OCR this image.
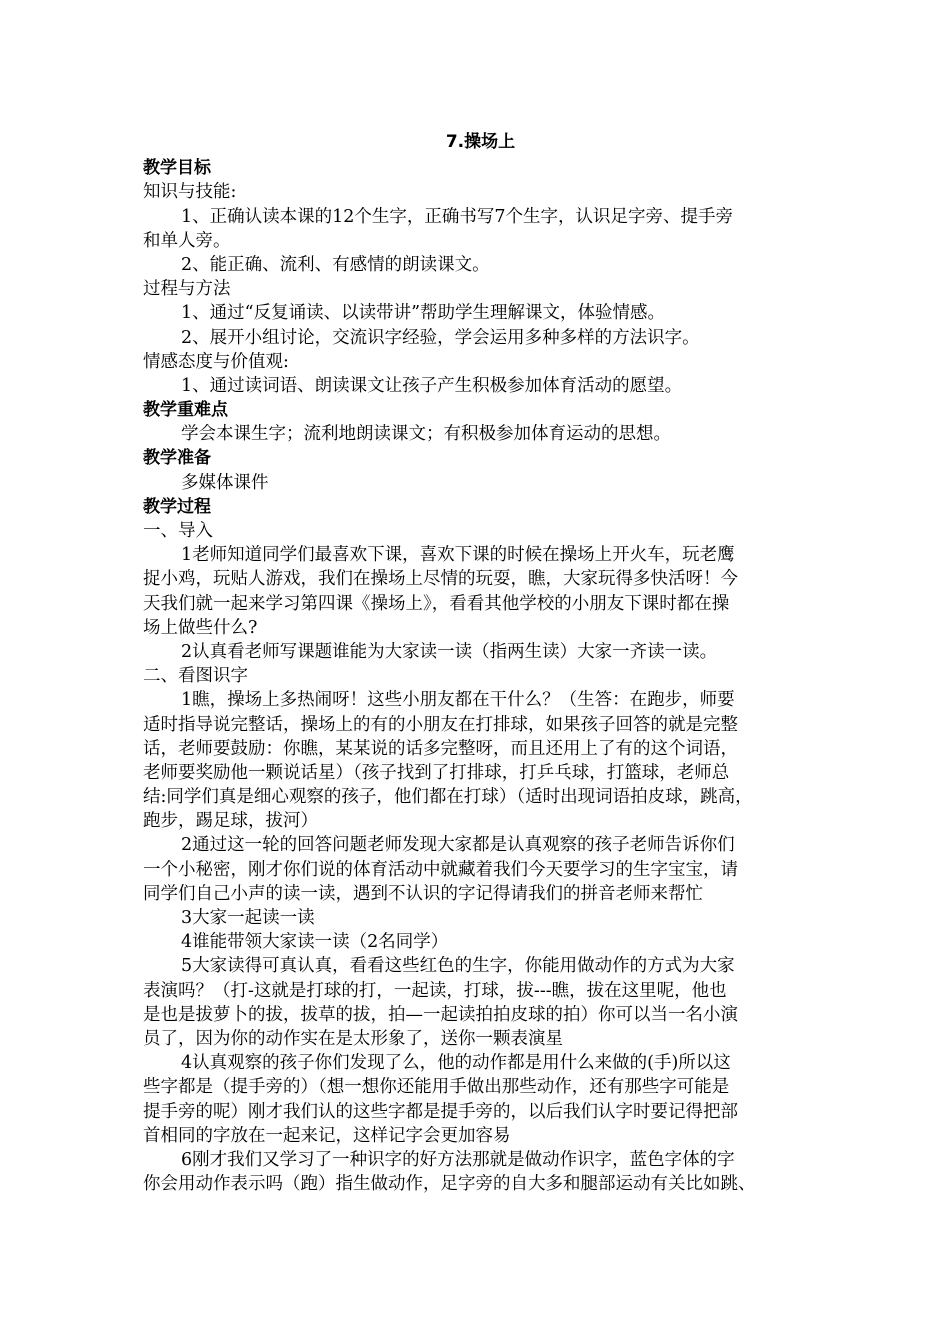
7.操场上
教学目标
知识与技能:
1、正确认读本课的12个生字，正确书写7个生字，认识足字旁、提手旁
和单人旁。
2、能正确、流利、有感情的朗读课文。
过程与方法
1、通过“反复诵读、以读带讲”帮助学生理解课文，体验情感。
2、展开小组讨论，交流识字经验，学会运用多种多样的方法识字。
情感态度与价值观:
1、通过读词语、朗读课文让孩子产生积极参加体育活动的愿望。
教学重难点
学会本课生字；流利地朗读课文；有积极参加体育运动的思想。
教学准备
多媒体课件
教学过程
一、导入
1老师知道同学们最喜欢下课，喜欢下课的时候在操场上开火车，玩老鹰
捉小鸡，玩贴人游戏，我们在操场上尽情的玩耍，瞧，大家玩得多快活呀！今
天我们就一起来学习第四课《操场上》，看看其他学校的小朋友下课时都在操
场上做些什么?
2认真看老师写课题谁能为大家读一读（指两生读）大家一齐读一读。
二、看图识字
1瞧，操场上多热闹呀！这些小朋友都在干什么？（生答：在跑步，师要
适时指导说完整话，操场上的有的小朋友在打排球，如果孩子回答的就是完整
话，老师要鼓励：你瞧，某某说的话多完整呀，而且还用上了有的这个词语，
老师要奖励他一颗说话星）（孩子找到了打排球，打乒乓球，打篮球，老师总
结:同学们真是细心观察的孩子，他们都在打球）（适时出现词语拍皮球，跳高，
跑步，踢足球，拔河）
2通过这一轮的回答问题老师发现大家都是认真观察的孩子老师告诉你们
一个小秘密，刚才你们说的体育活动中就藏着我们今天要学习的生字宝宝，请
同学们自己小声的读一读，遇到不认识的字记得请我们的拼音老师来帮忙
3大家一起读一读
4谁能带领大家读一读（2名同学）
5大家读得可真认真，看看这些红色的生字，你能用做动作的方式为大家
表演吗？（打-这就是打球的打，一起读，打球，拔---瞧，拔在这里呢，他也
是也是拔萝卜的拔，拔草的拔，拍—一起读拍拍皮球的拍）你可以当一名小演
员了，因为你的动作实在是太形象了，送你一颗表演星
4认真观察的孩子你们发现了么，他的动作都是用什么来做的(手)所以这
些字都是（提手旁的）（想一想你还能用手做出那些动作，还有那些字可能是
提手旁的呢）刚才我们认的这些字都是提手旁的，以后我们认字时要记得把部
首相同的字放在一起来记，这样记字会更加容易
6刚才我们又学习了一种识字的好方法那就是做动作识字，蓝色字体的字
你会用动作表示吗（跑）指生做动作，足字旁的自大多和腿部运动有关比如跳、
